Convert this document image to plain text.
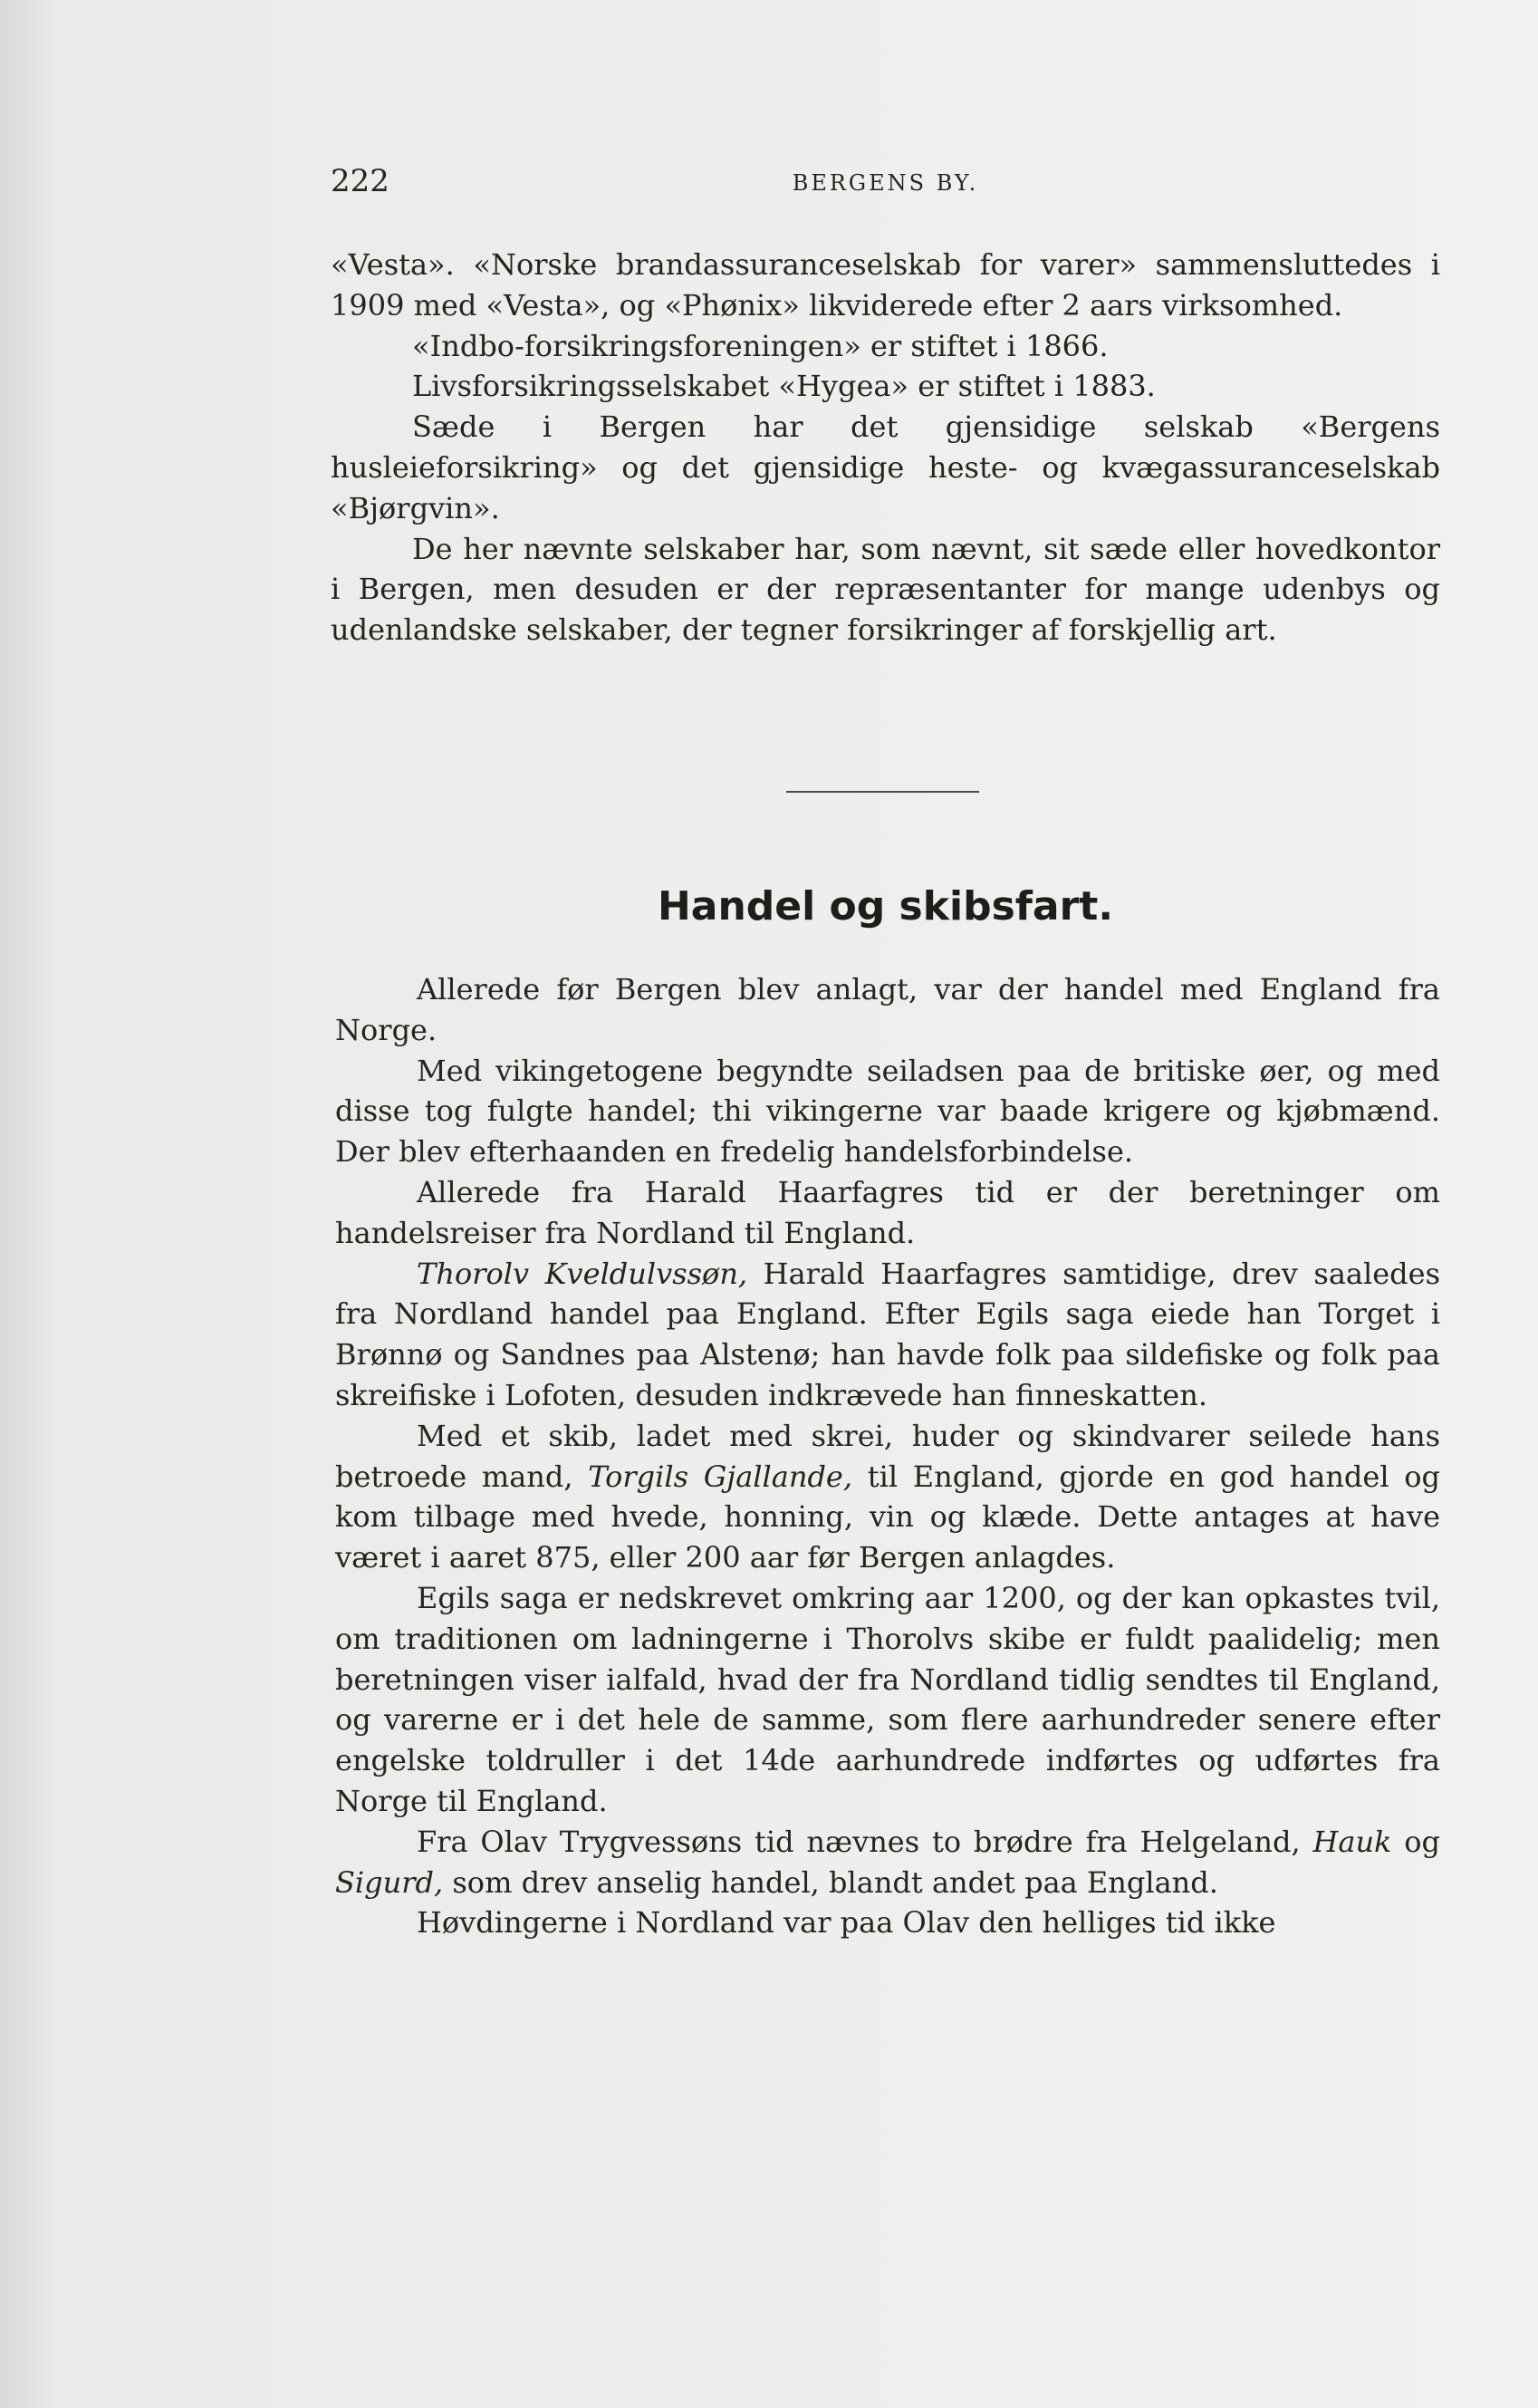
222	BERGENS BY.

«Vesta». «Norske brandassuranceselskab for varer» sammensluttedes i 1909 med «Vesta», og «Phønix» likviderede efter 2 aars virksomhed.

«Indbo-forsikringsforeningen» er stiftet i 1866.

Livsforsikringsselskabet «Hygea» er stiftet i 1883.

Sæde i Bergen har det gjensidige selskab «Bergens husleieforsikring» og det gjensidige heste- og kvægassuranceselskab «Bjørgvin».

De her nævnte selskaber har, som nævnt, sit sæde eller hovedkontor i Bergen, men desuden er der repræsentanter for mange udenbys og udenlandske selskaber, der tegner forsikringer af forskjellig art.

Handel og skibsfart.

Allerede før Bergen blev anlagt, var der handel med England fra Norge.

Med vikingetogene begyndte seiladsen paa de britiske øer, og med disse tog fulgte handel; thi vikingerne var baade krigere og kjøbmænd. Der blev efterhaanden en fredelig handelsforbindelse.

Allerede fra Harald Haarfagres tid er der beretninger om handelsreiser fra Nordland til England.

Thorolv Kveldulvssøn, Harald Haarfagres samtidige, drev saaledes fra Nordland handel paa England. Efter Egils saga eiede han Torget i Brønnø og Sandnes paa Alstenø; han havde folk paa sildefiske og folk paa skreifiske i Lofoten, desuden indkrævede han finneskatten.

Med et skib, ladet med skrei, huder og skindvarer seilede hans betroede mand, Torgils Gjallande, til England, gjorde en god handel og kom tilbage med hvede, honning, vin og klæde. Dette antages at have været i aaret 875, eller 200 aar før Bergen anlagdes.

Egils saga er nedskrevet omkring aar 1200, og der kan opkastes tvil, om traditionen om ladningerne i Thorolvs skibe er fuldt paalidelig; men beretningen viser ialfald, hvad der fra Nordland tidlig sendtes til England, og varerne er i det hele de samme, som flere aarhundreder senere efter engelske toldruller i det 14de aarhundrede indførtes og udførtes fra Norge til England.

Fra Olav Trygvessøns tid nævnes to brødre fra Helgeland, Hauk og Sigurd, som drev anselig handel, blandt andet paa England.

Høvdingerne i Nordland var paa Olav den helliges tid ikke
